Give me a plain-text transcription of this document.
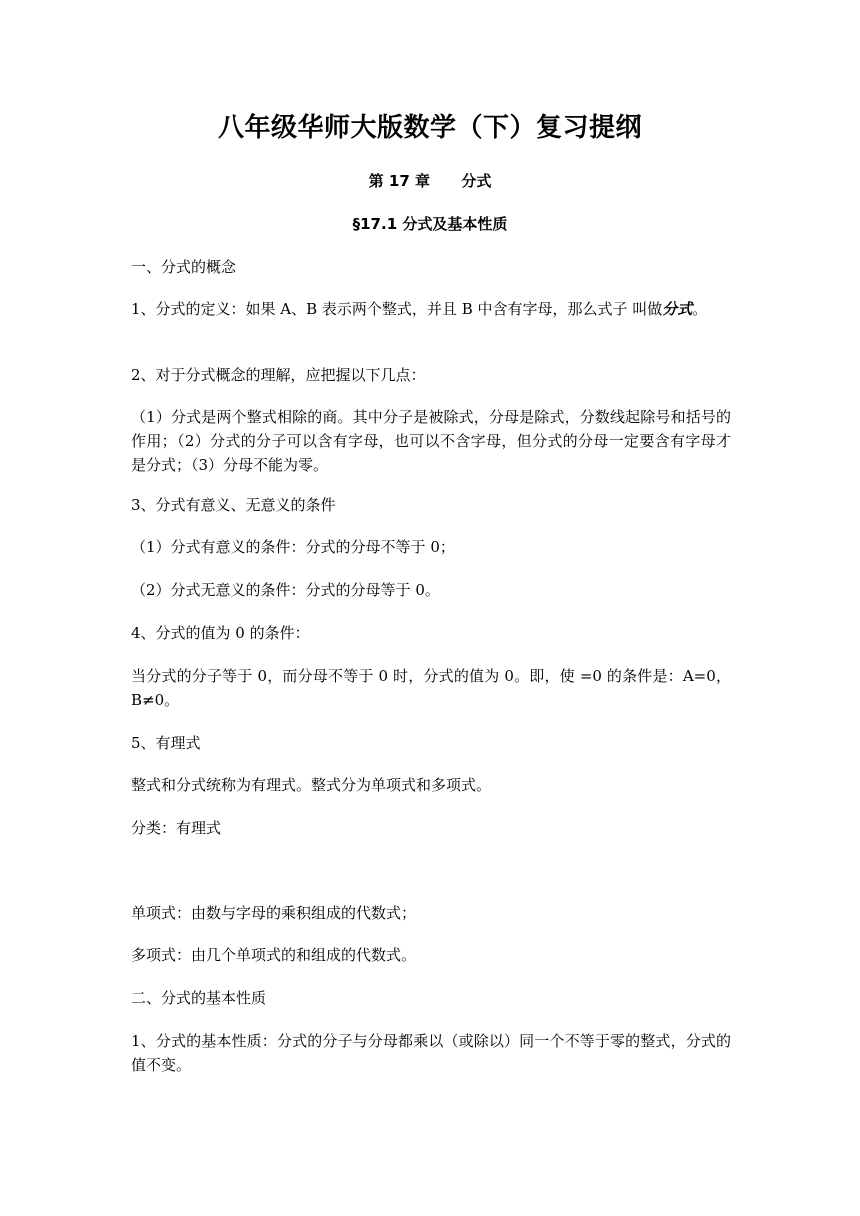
八年级华师大版数学（下）复习提纲
第 17 章      分式
§17.1 分式及基本性质

一、分式的概念

1、分式的定义：如果 A、B 表示两个整式，并且 B 中含有字母，那么式子 叫做分式。

2、对于分式概念的理解，应把握以下几点：

（1）分式是两个整式相除的商。其中分子是被除式，分母是除式，分数线起除号和括号的作用；（2）分式的分子可以含有字母，也可以不含字母，但分式的分母一定要含有字母才是分式；（3）分母不能为零。

3、分式有意义、无意义的条件

（1）分式有意义的条件：分式的分母不等于 0；

（2）分式无意义的条件：分式的分母等于 0。

4、分式的值为 0 的条件：

当分式的分子等于 0，而分母不等于 0 时，分式的值为 0。即，使 =0 的条件是：A=0，B≠0。

5、有理式

整式和分式统称为有理式。整式分为单项式和多项式。

分类：有理式

单项式：由数与字母的乘积组成的代数式；

多项式：由几个单项式的和组成的代数式。

二、分式的基本性质

1、分式的基本性质：分式的分子与分母都乘以（或除以）同一个不等于零的整式，分式的值不变。
